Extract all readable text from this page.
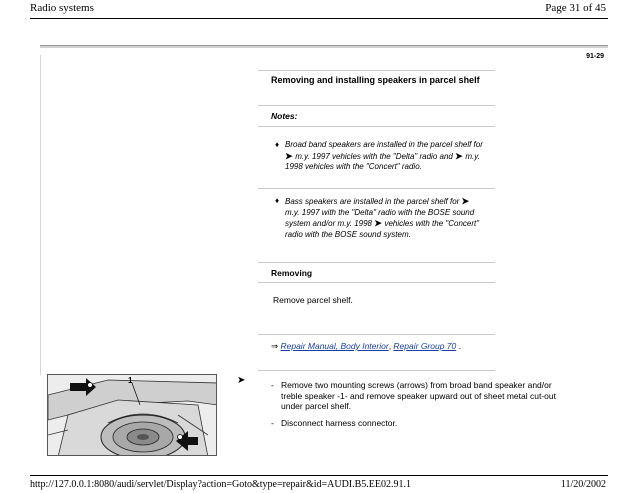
Radio systems	Page 31 of 45
91-29
Removing and installing speakers in parcel shelf
Notes:
♦ Broad band speakers are installed in the parcel shelf for ➤ m.y. 1997 vehicles with the "Delta" radio and ➤ m.y. 1998 vehicles with the "Concert" radio.
♦ Bass speakers are installed in the parcel shelf for ➤ m.y. 1997 with the "Delta" radio with the BOSE sound system and/or m.y. 1998 ➤ vehicles with the "Concert" radio with the BOSE sound system.
Removing
Remove parcel shelf.
⇒ Repair Manual, Body Interior, Repair Group 70 .
➤	- Remove two mounting screws (arrows) from broad band speaker and/or treble speaker -1- and remove speaker upward out of sheet metal cut-out under parcel shelf.
- Disconnect harness connector.
1
http://127.0.0.1:8080/audi/servlet/Display?action=Goto&type=repair&id=AUDI.B5.EE02.91.1	11/20/2002
